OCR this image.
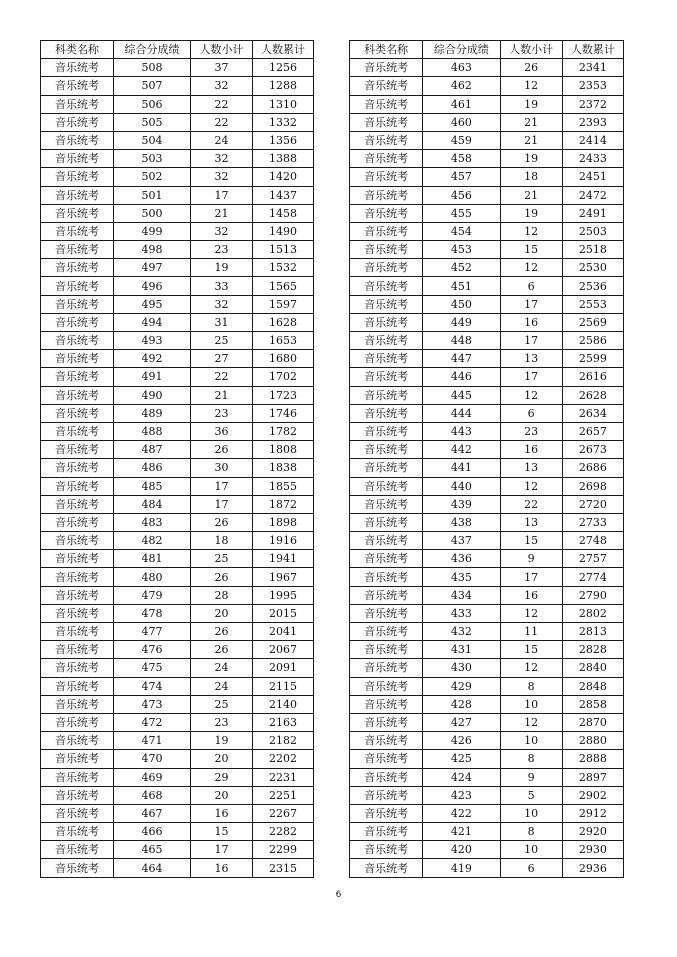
科类名称	综合分成绩	人数小计	人数累计
音乐统考	508	37	1256
音乐统考	507	32	1288
音乐统考	506	22	1310
音乐统考	505	22	1332
音乐统考	504	24	1356
音乐统考	503	32	1388
音乐统考	502	32	1420
音乐统考	501	17	1437
音乐统考	500	21	1458
音乐统考	499	32	1490
音乐统考	498	23	1513
音乐统考	497	19	1532
音乐统考	496	33	1565
音乐统考	495	32	1597
音乐统考	494	31	1628
音乐统考	493	25	1653
音乐统考	492	27	1680
音乐统考	491	22	1702
音乐统考	490	21	1723
音乐统考	489	23	1746
音乐统考	488	36	1782
音乐统考	487	26	1808
音乐统考	486	30	1838
音乐统考	485	17	1855
音乐统考	484	17	1872
音乐统考	483	26	1898
音乐统考	482	18	1916
音乐统考	481	25	1941
音乐统考	480	26	1967
音乐统考	479	28	1995
音乐统考	478	20	2015
音乐统考	477	26	2041
音乐统考	476	26	2067
音乐统考	475	24	2091
音乐统考	474	24	2115
音乐统考	473	25	2140
音乐统考	472	23	2163
音乐统考	471	19	2182
音乐统考	470	20	2202
音乐统考	469	29	2231
音乐统考	468	20	2251
音乐统考	467	16	2267
音乐统考	466	15	2282
音乐统考	465	17	2299
音乐统考	464	16	2315
科类名称	综合分成绩	人数小计	人数累计
音乐统考	463	26	2341
音乐统考	462	12	2353
音乐统考	461	19	2372
音乐统考	460	21	2393
音乐统考	459	21	2414
音乐统考	458	19	2433
音乐统考	457	18	2451
音乐统考	456	21	2472
音乐统考	455	19	2491
音乐统考	454	12	2503
音乐统考	453	15	2518
音乐统考	452	12	2530
音乐统考	451	6	2536
音乐统考	450	17	2553
音乐统考	449	16	2569
音乐统考	448	17	2586
音乐统考	447	13	2599
音乐统考	446	17	2616
音乐统考	445	12	2628
音乐统考	444	6	2634
音乐统考	443	23	2657
音乐统考	442	16	2673
音乐统考	441	13	2686
音乐统考	440	12	2698
音乐统考	439	22	2720
音乐统考	438	13	2733
音乐统考	437	15	2748
音乐统考	436	9	2757
音乐统考	435	17	2774
音乐统考	434	16	2790
音乐统考	433	12	2802
音乐统考	432	11	2813
音乐统考	431	15	2828
音乐统考	430	12	2840
音乐统考	429	8	2848
音乐统考	428	10	2858
音乐统考	427	12	2870
音乐统考	426	10	2880
音乐统考	425	8	2888
音乐统考	424	9	2897
音乐统考	423	5	2902
音乐统考	422	10	2912
音乐统考	421	8	2920
音乐统考	420	10	2930
音乐统考	419	6	2936
6
